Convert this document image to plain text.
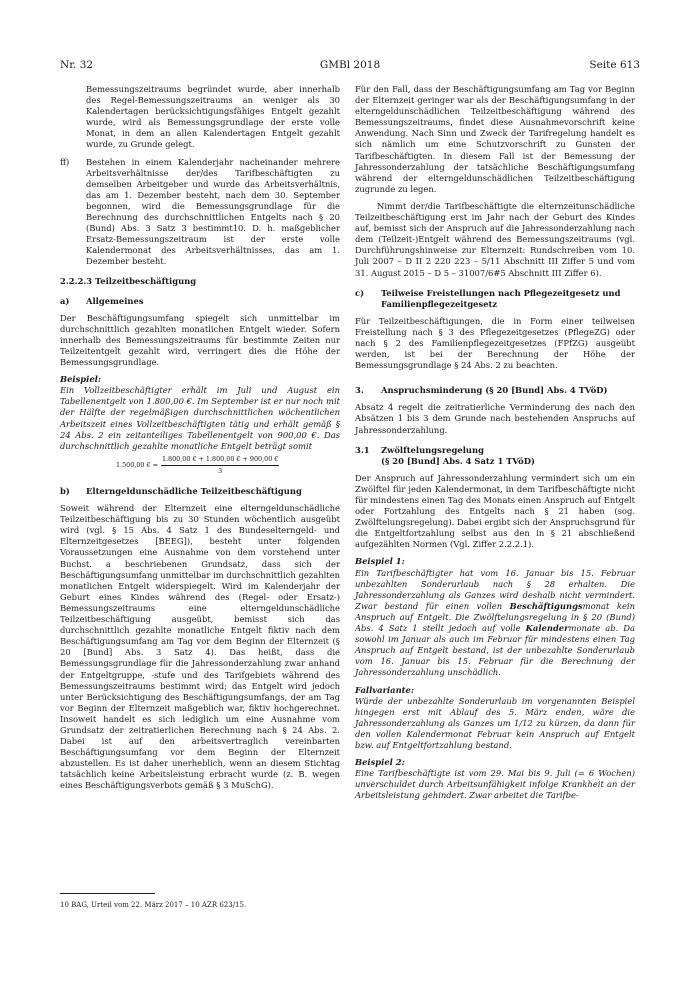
Nr. 32	GMBl 2018	Seite 613

Bemessungszeitraums begründet wurde, aber innerhalb des Regel-Bemessungszeitraums an weniger als 30 Kalendertagen berücksichtigungsfähiges Entgelt gezahlt wurde, wird als Bemessungsgrundlage der erste volle Monat, in dem an allen Kalendertagen Entgelt gezahlt wurde, zu Grunde gelegt.

ff) Bestehen in einem Kalenderjahr nacheinander mehrere Arbeitsverhältnisse der/des Tarifbeschäftigten zu demselben Arbeitgeber und wurde das Arbeitsverhältnis, das am 1. Dezember besteht, nach dem 30. September begonnen, wird die Bemessungsgrundlage für die Berechnung des durchschnittlichen Entgelts nach § 20 (Bund) Abs. 3 Satz 3 bestimmt10. D. h. maßgeblicher Ersatz-Bemessungszeitraum ist der erste volle Kalendermonat des Arbeitsverhältnisses, das am 1. Dezember besteht.
2.2.2.3 Teilzeitbeschäftigung
a) Allgemeines

Der Beschäftigungsumfang spiegelt sich unmittelbar im durchschnittlich gezahlten monatlichen Entgelt wieder. Sofern innerhalb des Bemessungszeitraums für bestimmte Zeiten nur Teilzeitentgelt gezahlt wird, verringert dies die Höhe der Bemessungsgrundlage.

Beispiel:

Ein Vollzeitbeschäftigter erhält im Juli und August ein Tabellenentgelt von 1.800,00 €. Im September ist er nur noch mit der Hälfte der regelmäßigen durchschnittlichen wöchentlichen Arbeitszeit eines Vollzeitbeschäftigten tätig und erhält gemäß § 24 Abs. 2 ein zeitanteiliges Tabellenentgelt von 900,00 €. Das durchschnittlich gezahlte monatliche Entgelt beträgt somit

1.500,00 € = $\frac{1.800,00 € + 1.800,00 € + 900,00 €}{3}$
b) Elterngeldunschädliche Teilzeitbeschäftigung

Soweit während der Elternzeit eine elterngeldunschädliche Teilzeitbeschäftigung bis zu 30 Stunden wöchentlich ausgeübt wird (vgl. § 15 Abs. 4 Satz 1 des Bundeselterngeld- und Elternzeitgesetzes [BEEG]), besteht unter folgenden Voraussetzungen eine Ausnahme von dem vorstehend unter Buchst. a beschriebenen Grundsatz, dass sich der Beschäftigungsumfang unmittelbar im durchschnittlich gezahlten monatlichen Entgelt widerspiegelt. Wird im Kalenderjahr der Geburt eines Kindes während des (Regel- oder Ersatz-) Bemessungszeitraums eine elterngeldunschädliche Teilzeitbeschäftigung ausgeübt, bemisst sich das durchschnittlich gezahlte monatliche Entgelt fiktiv nach dem Beschäftigungsumfang am Tag vor dem Beginn der Elternzeit (§ 20 [Bund] Abs. 3 Satz 4). Das heißt, dass die Bemessungsgrundlage für die Jahressonderzahlung zwar anhand der Entgeltgruppe, -stufe und des Tarifgebiets während des Bemessungszeitraums bestimmt wird; das Entgelt wird jedoch unter Berücksichtigung des Beschäftigungsumfangs, der am Tag vor Beginn der Elternzeit maßgeblich war, fiktiv hochgerechnet. Insoweit handelt es sich lediglich um eine Ausnahme vom Grundsatz der zeitratierlichen Berechnung nach § 24 Abs. 2. Dabei ist auf den arbeitsvertraglich vereinbarten Beschäftigungsumfang vor dem Beginn der Elternzeit abzustellen. Es ist daher unerheblich, wenn an diesem Stichtag tatsächlich keine Arbeitsleistung erbracht wurde (z. B. wegen eines Beschäftigungsverbots gemäß § 3 MuSchG).

10 BAG, Urteil vom 22. März 2017 – 10 AZR 623/15.

Für den Fall, dass der Beschäftigungsumfang am Tag vor Beginn der Elternzeit geringer war als der Beschäftigungsumfang in der elterngeldunschädlichen Teilzeitbeschäftigung während des Bemessungszeitraums, findet diese Ausnahmevorschrift keine Anwendung. Nach Sinn und Zweck der Tarifregelung handelt es sich nämlich um eine Schutzvorschrift zu Gunsten der Tarifbeschäftigten. In diesem Fall ist der Bemessung der Jahressonderzahlung der tatsächliche Beschäftigungsumfang während der elterngeldunschädlichen Teilzeitbeschäftigung zugrunde zu legen.

Nimmt der/die Tarifbeschäftigte die elternzeitunschädliche Teilzeitbeschäftigung erst im Jahr nach der Geburt des Kindes auf, bemisst sich der Anspruch auf die Jahressonderzahlung nach dem (Teilzeit-)Entgelt während des Bemessungszeitraums (vgl. Durchführungshinweise zur Elternzeit: Rundschreiben vom 10. Juli 2007 – D II 2 220 223 – 5/11 Abschnitt III Ziffer 5 und vom 31. August 2015 – D 5 – 31007/6#5 Abschnitt III Ziffer 6).

c) Teilweise Freistellungen nach Pflegezeitgesetz und Familienpflegezeitgesetz

Für Teilzeitbeschäftigungen, die in Form einer teilweisen Freistellung nach § 3 des Pflegezeitgesetzes (PflegeZG) oder nach § 2 des Familienpflegezeitgesetzes (FPfZG) ausgeübt werden, ist bei der Berechnung der Höhe der Bemessungsgrundlage § 24 Abs. 2 zu beachten.

3. Anspruchsminderung (§ 20 [Bund] Abs. 4 TVöD)

Absatz 4 regelt die zeitratierliche Verminderung des nach den Absätzen 1 bis 3 dem Grunde nach bestehenden Anspruchs auf Jahressonderzahlung.

3.1 Zwölftelungsregelung
(§ 20 [Bund] Abs. 4 Satz 1 TVöD)

Der Anspruch auf Jahressonderzahlung vermindert sich um ein Zwölftel für jeden Kalendermonat, in dem Tarifbeschäftigte nicht für mindestens einen Tag des Monats einen Anspruch auf Entgelt oder Fortzahlung des Entgelts nach § 21 haben (sog. Zwölftelungsregelung). Dabei ergibt sich der Anspruchsgrund für die Entgeltfortzahlung selbst aus den in § 21 abschließend aufgezählten Normen (Vgl. Ziffer 2.2.2.1).

Beispiel 1:

Ein Tarifbeschäftigter hat vom 16. Januar bis 15. Februar unbezahlten Sonderurlaub nach § 28 erhalten. Die Jahressonderzahlung als Ganzes wird deshalb nicht vermindert. Zwar bestand für einen vollen Beschäftigungsmonat kein Anspruch auf Entgelt. Die Zwölftelungsregelung in § 20 (Bund) Abs. 4 Satz 1 stellt jedoch auf volle Kalendermonate ab. Da sowohl im Januar als auch im Februar für mindestens einen Tag Anspruch auf Entgelt bestand, ist der unbezahlte Sonderurlaub vom 16. Januar bis 15. Februar für die Berechnung der Jahressonderzahlung unschädlich.

Fallvariante:

Würde der unbezahlte Sonderurlaub im vorgenannten Beispiel hingegen erst mit Ablauf des 5. März enden, wäre die Jahressonderzahlung als Ganzes um 1/12 zu kürzen, da dann für den vollen Kalendermonat Februar kein Anspruch auf Entgelt bzw. auf Entgeltfortzahlung bestand.

Beispiel 2:

Eine Tarifbeschäftigte ist vom 29. Mai bis 9. Juli (= 6 Wochen) unverschuldet durch Arbeitsunfähigkeit infolge Krankheit an der Arbeitsleistung gehindert. Zwar arbeitet die Tarifbe-
